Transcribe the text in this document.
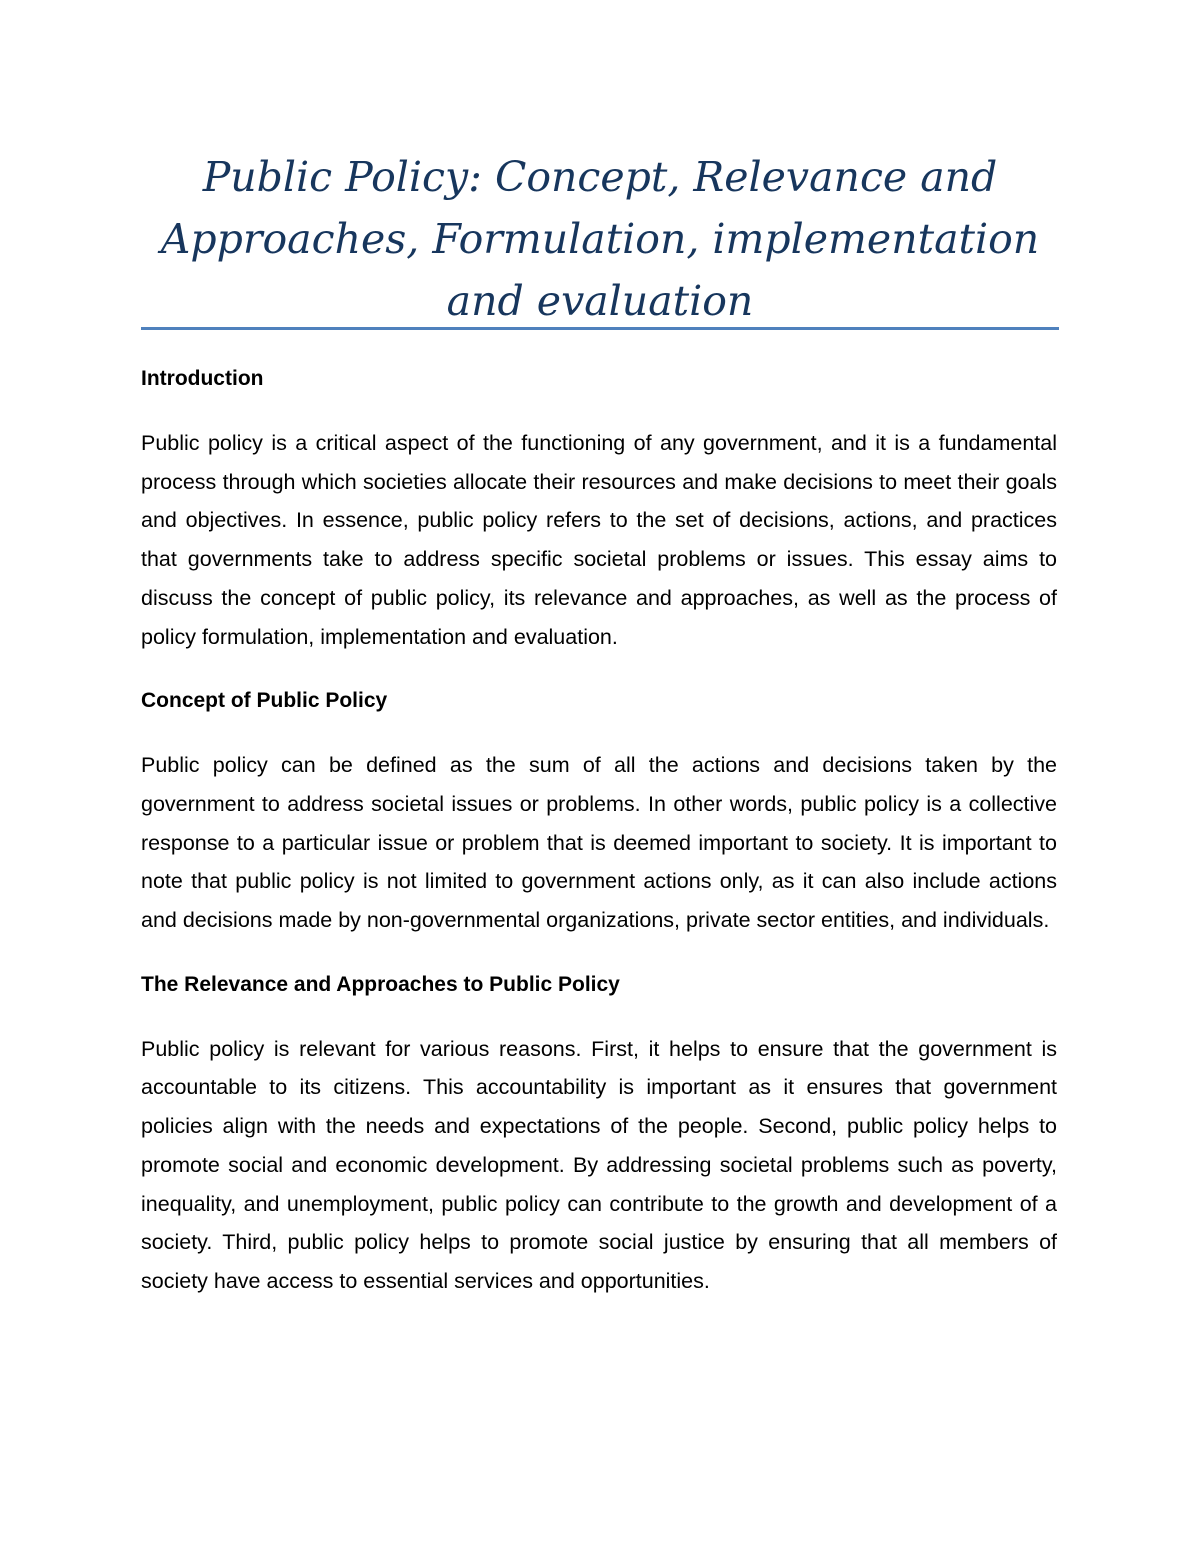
Public Policy: Concept, Relevance and Approaches, Formulation, implementation and evaluation
Introduction

Public policy is a critical aspect of the functioning of any government, and it is a fundamental process through which societies allocate their resources and make decisions to meet their goals and objectives. In essence, public policy refers to the set of decisions, actions, and practices that governments take to address specific societal problems or issues. This essay aims to discuss the concept of public policy, its relevance and approaches, as well as the process of policy formulation, implementation and evaluation.

Concept of Public Policy

Public policy can be defined as the sum of all the actions and decisions taken by the government to address societal issues or problems. In other words, public policy is a collective response to a particular issue or problem that is deemed important to society. It is important to note that public policy is not limited to government actions only, as it can also include actions and decisions made by non-governmental organizations, private sector entities, and individuals.

The Relevance and Approaches to Public Policy

Public policy is relevant for various reasons. First, it helps to ensure that the government is accountable to its citizens. This accountability is important as it ensures that government policies align with the needs and expectations of the people. Second, public policy helps to promote social and economic development. By addressing societal problems such as poverty, inequality, and unemployment, public policy can contribute to the growth and development of a society. Third, public policy helps to promote social justice by ensuring that all members of society have access to essential services and opportunities.
